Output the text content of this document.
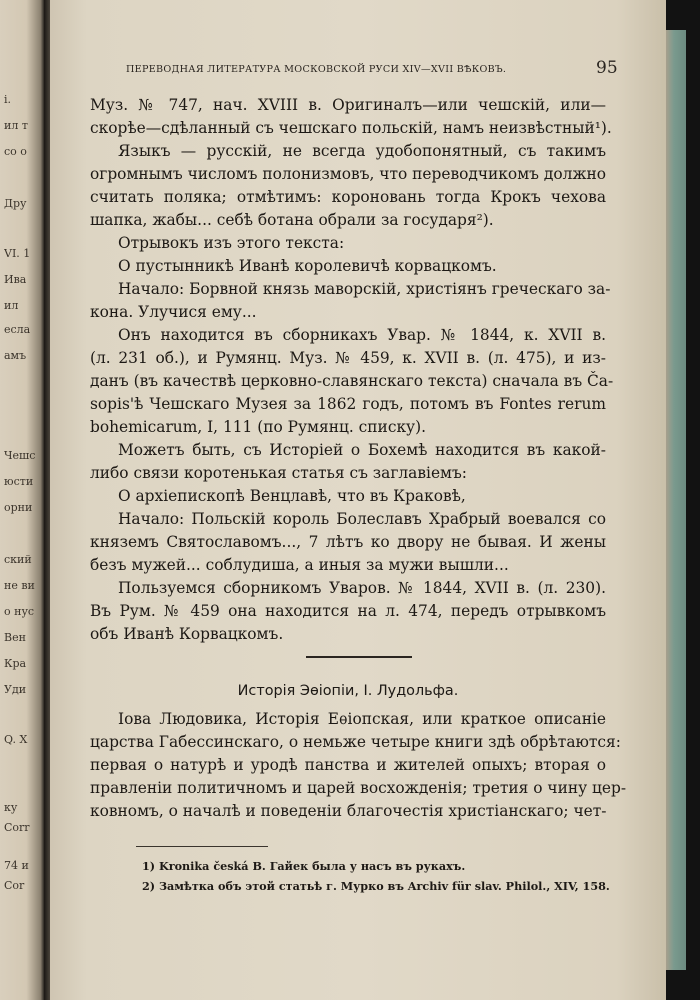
і.
ил т
со о
Дру
VI. 1
Ива
ил
есла
амъ
Чешс
юсти
орни
ский
не ви
о нус
Вен
Кра
Уди
Q. X
ку
Corr
74 и
Cor
ПЕРЕВОДНАЯ ЛИТЕРАТУРА МОСКОВСКОЙ РУСИ XIV—XVII ВѢКОВЪ.	95
Муз. № 747, нач. XVIII в. Оригиналъ—или чешскій, или—
скорѣе—сдѣланный съ чешскаго польскій, намъ неизвѣстный¹).
Языкъ — русскій, не всегда удобопонятный, съ такимъ
огромнымъ числомъ полонизмовъ, что переводчикомъ должно
считать поляка; отмѣтимъ: короновань тогда Крокъ чехова
шапка, жабы... себѣ ботана обрали за государя²).
Отрывокъ изъ этого текста:
О пустынникѣ Иванѣ королевичѣ корвацкомъ.
Начало: Борвной князь маворскій, христіянъ греческаго за-
кона. Улучися ему...
Онъ находится въ сборникахъ Увар. № 1844, к. XVII в.
(л. 231 об.), и Румянц. Муз. № 459, к. XVII в. (л. 475), и из-
данъ (въ качествѣ церковно-славянскаго текста) сначала въ Čа-
sopis'ѣ Чешскаго Музея за 1862 годъ, потомъ въ Fontes rerum
bohemicarum, I, 111 (по Румянц. списку).
Можетъ быть, съ Исторіей о Бохемѣ находится въ какой-
либо связи коротенькая статья съ заглавіемъ:
О архіепископѣ Венцлавѣ, что въ Краковѣ,
Начало: Польскій король Болеславъ Храбрый воевался со
княземъ Святославомъ..., 7 лѣтъ ко двору не бывая. И жены
безъ мужей... соблудиша, а иныя за мужи вышли...
Пользуемся сборникомъ Уваров. № 1844, XVII в. (л. 230).
Въ Рум. № 459 она находится на л. 474, передъ отрывкомъ
объ Иванѣ Корвацкомъ.
Исторія Эѳіопіи, І. Лудольфа.
Іова Людовика, Исторія Еѳіопская, или краткое описаніе
царства Габессинскаго, о немьже четыре книги здѣ обрѣтаются:
первая о натурѣ и уродѣ панства и жителей опыхъ; вторая о
правленіи политичномъ и царей восхожденія; третия о чину цер-
ковномъ, о началѣ и поведеніи благочестія христіанскаго; чет-
1) Kronika česká B. Гайек была у насъ въ рукахъ.
2) Замѣтка объ этой статьѣ г. Мурко въ Archiv für slav. Philol., XIV, 158.
